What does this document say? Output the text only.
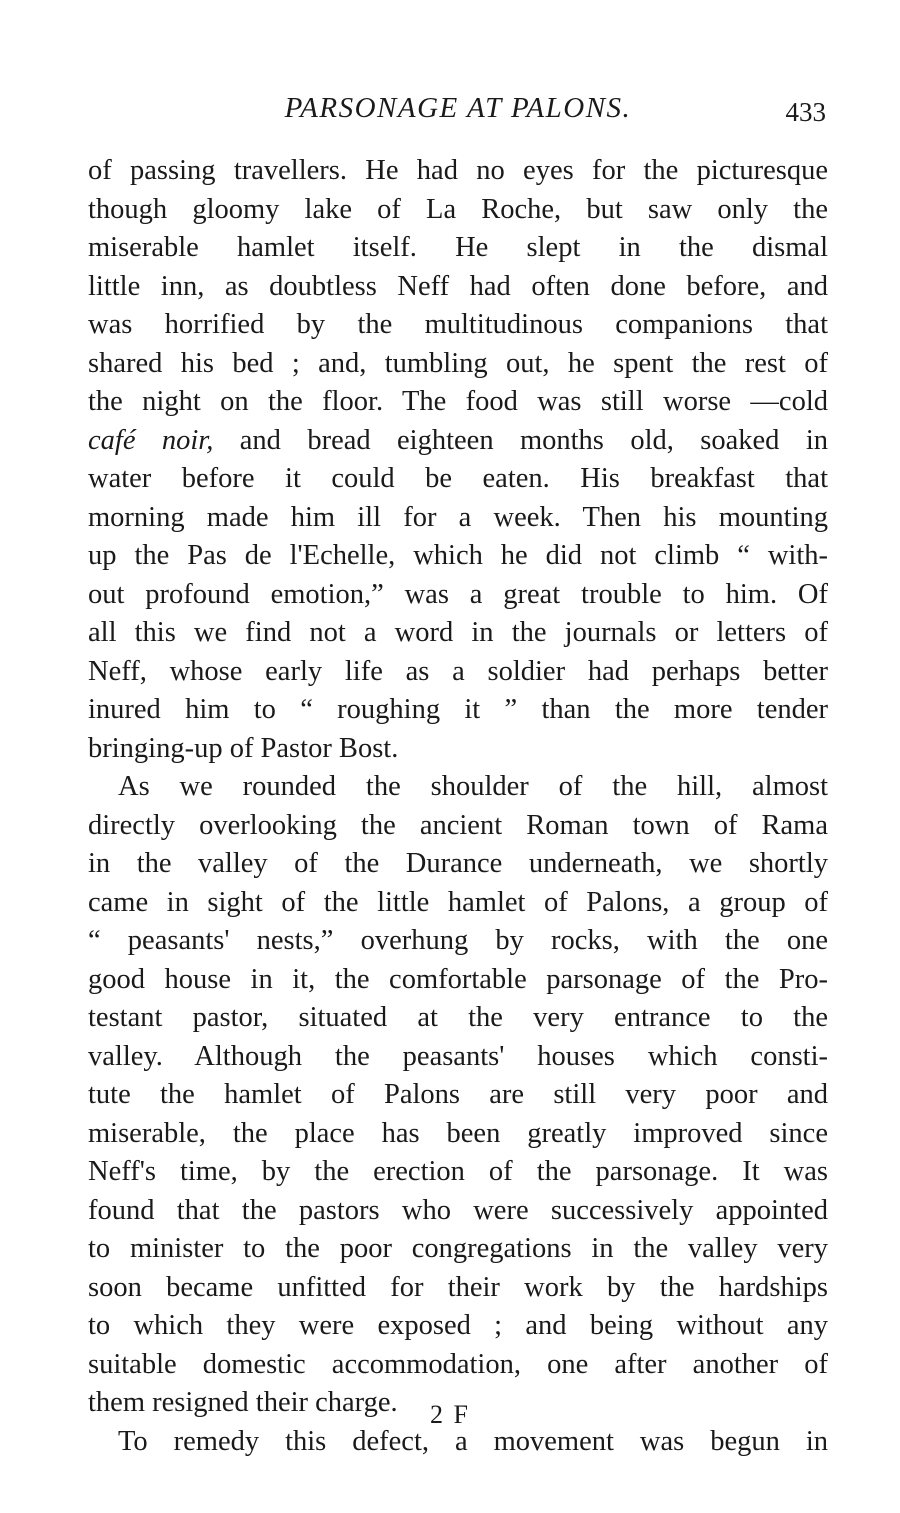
PARSONAGE AT PALONS.	433
of passing travellers. He had no eyes for the picturesque
though gloomy lake of La Roche, but saw only the
miserable hamlet itself. He slept in the dismal
little inn, as doubtless Neff had often done before, and
was horrified by the multitudinous companions that
shared his bed ; and, tumbling out, he spent the rest of
the night on the floor. The food was still worse —cold
café noir, and bread eighteen months old, soaked in
water before it could be eaten. His breakfast that
morning made him ill for a week. Then his mounting
up the Pas de l'Echelle, which he did not climb “ with-
out profound emotion,” was a great trouble to him. Of
all this we find not a word in the journals or letters of
Neff, whose early life as a soldier had perhaps better
inured him to “ roughing it ” than the more tender
bringing-up of Pastor Bost.
As we rounded the shoulder of the hill, almost
directly overlooking the ancient Roman town of Rama
in the valley of the Durance underneath, we shortly
came in sight of the little hamlet of Palons, a group of
“ peasants' nests,” overhung by rocks, with the one
good house in it, the comfortable parsonage of the Pro-
testant pastor, situated at the very entrance to the
valley. Although the peasants' houses which consti-
tute the hamlet of Palons are still very poor and
miserable, the place has been greatly improved since
Neff's time, by the erection of the parsonage. It was
found that the pastors who were successively appointed
to minister to the poor congregations in the valley very
soon became unfitted for their work by the hardships
to which they were exposed ; and being without any
suitable domestic accommodation, one after another of
them resigned their charge.
To remedy this defect, a movement was begun in
2 F
